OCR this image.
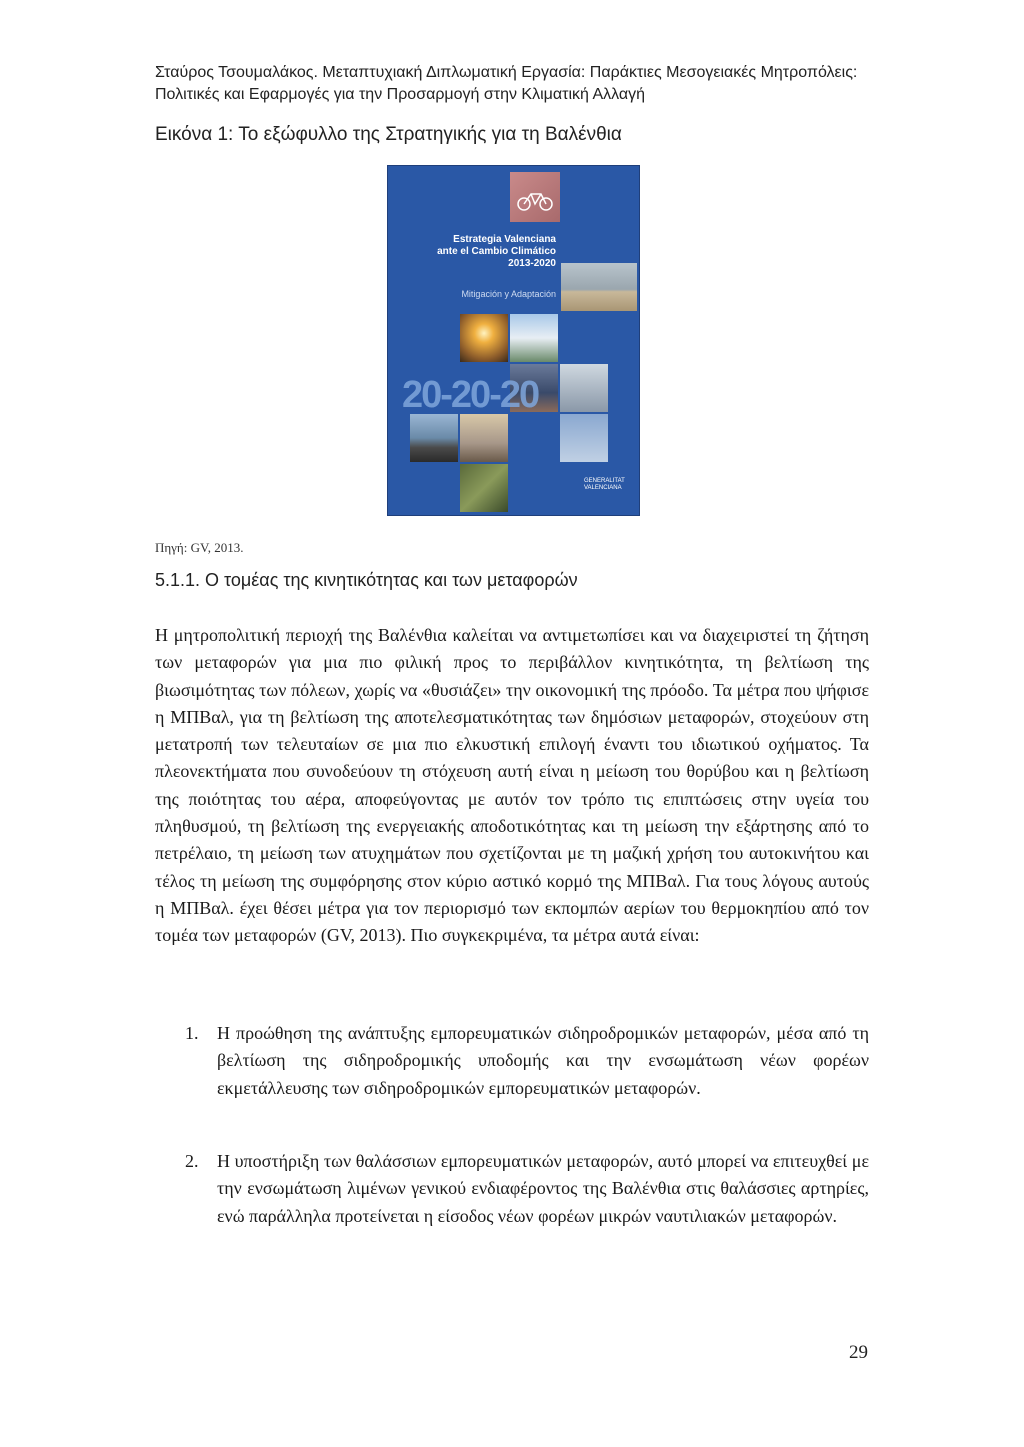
Σταύρος Τσουμαλάκος. Μεταπτυχιακή Διπλωματική Εργασία: Παράκτιες Μεσογειακές Μητροπόλεις:
Πολιτικές και Εφαρμογές για την Προσαρμογή στην Κλιματική Αλλαγή
Εικόνα 1: Το εξώφυλλο της Στρατηγικής για τη Βαλένθια
Estrategia Valenciana
ante el Cambio Climático
2013-2020
Mitigación y Adaptación
20-20-20
GENERALITAT
VALENCIANA
Πηγή: GV, 2013.
5.1.1. Ο τομέας της κινητικότητας και των μεταφορών

Η μητροπολιτική περιοχή της Βαλένθια καλείται να αντιμετωπίσει και να διαχειριστεί τη ζήτηση των μεταφορών για μια πιο φιλική προς το περιβάλλον κινητικότητα, τη βελτίωση της βιωσιμότητας των πόλεων, χωρίς να «θυσιάζει» την οικονομική της πρόοδο. Τα μέτρα που ψήφισε η ΜΠΒαλ, για τη βελτίωση της αποτελεσματικότητας των δημόσιων μεταφορών, στοχεύουν στη μετατροπή των τελευταίων σε μια πιο ελκυστική επιλογή έναντι του ιδιωτικού οχήματος. Τα πλεονεκτήματα που συνοδεύουν τη στόχευση αυτή είναι η μείωση του θορύβου και η βελτίωση της ποιότητας του αέρα, αποφεύγοντας με αυτόν τον τρόπο τις επιπτώσεις στην υγεία του πληθυσμού, τη βελτίωση της ενεργειακής αποδοτικότητας και τη μείωση την εξάρτησης από το πετρέλαιο, τη μείωση των ατυχημάτων που σχετίζονται με τη μαζική χρήση του αυτοκινήτου και τέλος τη μείωση της συμφόρησης στον κύριο αστικό κορμό της ΜΠΒαλ. Για τους λόγους αυτούς η ΜΠΒαλ. έχει θέσει μέτρα για τον περιορισμό των εκπομπών αερίων του θερμοκηπίου από τον τομέα των μεταφορών (GV, 2013). Πιο συγκεκριμένα, τα μέτρα αυτά είναι:

1. Η προώθηση της ανάπτυξης εμπορευματικών σιδηροδρομικών μεταφορών, μέσα από τη βελτίωση της σιδηροδρομικής υποδομής και την ενσωμάτωση νέων φορέων εκμετάλλευσης των σιδηροδρομικών εμπορευματικών μεταφορών.

2. Η υποστήριξη των θαλάσσιων εμπορευματικών μεταφορών, αυτό μπορεί να επιτευχθεί με την ενσωμάτωση λιμένων γενικού ενδιαφέροντος της Βαλένθια στις θαλάσσιες αρτηρίες, ενώ παράλληλα προτείνεται η είσοδος νέων φορέων μικρών ναυτιλιακών μεταφορών.

29
